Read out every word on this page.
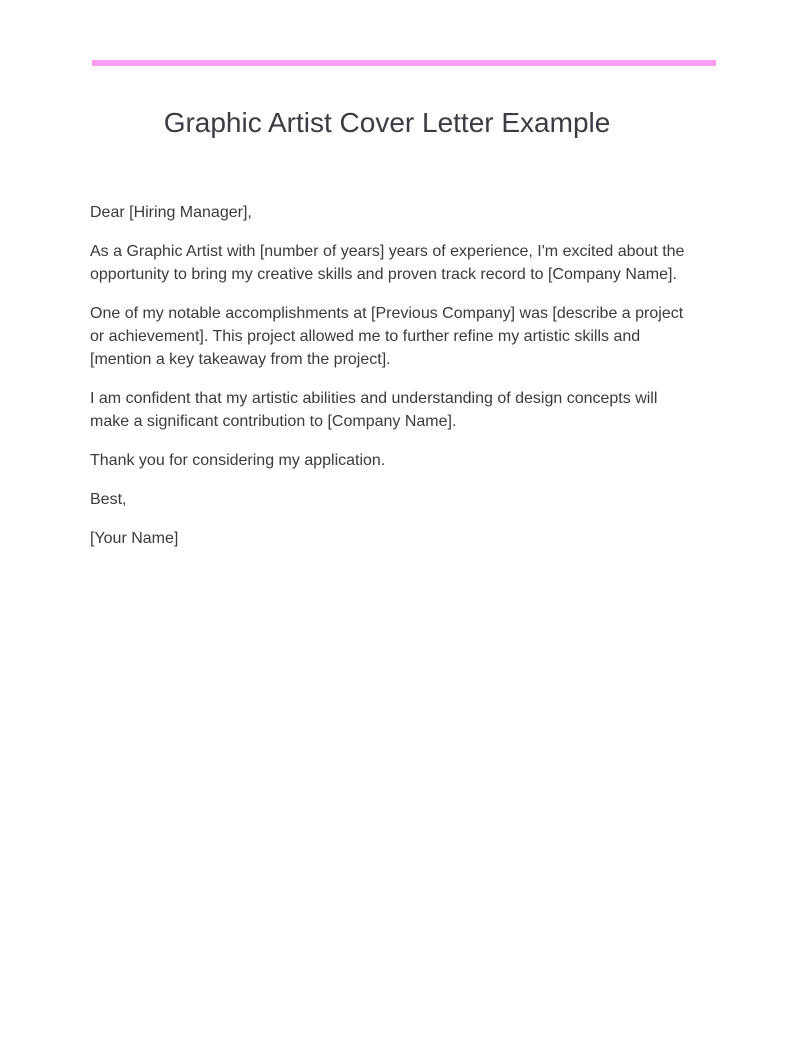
Graphic Artist Cover Letter Example

Dear [Hiring Manager],

As a Graphic Artist with [number of years] years of experience, I'm excited about the opportunity to bring my creative skills and proven track record to [Company Name].

One of my notable accomplishments at [Previous Company] was [describe a project or achievement]. This project allowed me to further refine my artistic skills and [mention a key takeaway from the project].

I am confident that my artistic abilities and understanding of design concepts will make a significant contribution to [Company Name].

Thank you for considering my application.

Best,

[Your Name]
